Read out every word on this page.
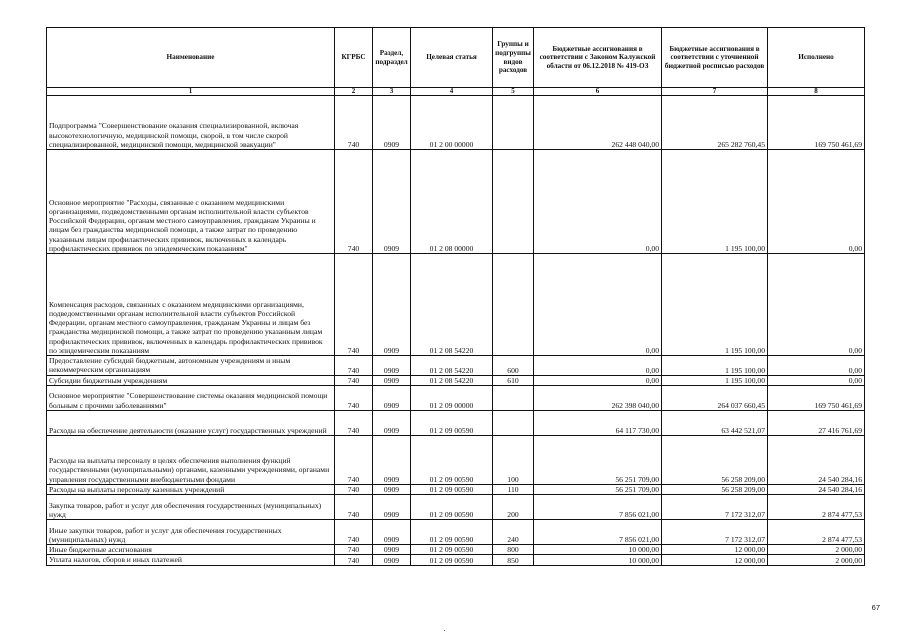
Наименование	КГРБС	Раздел, подраздел	Целевая статья	Группы и подгруппы видов расходов	Бюджетные ассигнования в соответствии с Законом Калужской области от 06.12.2018 № 419-ОЗ	Бюджетные ассигнования в соответствии с уточненной бюджетной росписью расходов	Исполнено
1	2	3	4	5	6	7	8
Подпрограмма "Совершенствование оказания специализированной, включая высокотехнологичную, медицинской помощи, скорой, в том числе скорой специализированной, медицинской помощи, медицинской эвакуации"	740	0909	01 2 00 00000		262 448 040,00	265 282 760,45	169 750 461,69
Основное мероприятие "Расходы, связанные с оказанием медицинскими организациями, подведомственными органам исполнительной власти субъектов Российской Федерации, органам местного самоуправления, гражданам Украины и лицам без гражданства медицинской помощи, а также затрат по проведению указанным лицам профилактических прививок, включенных в календарь профилактических прививок по эпидемическим показаниям"	740	0909	01 2 08 00000		0,00	1 195 100,00	0,00
Компенсация расходов, связанных с оказанием медицинскими организациями, подведомственными органам исполнительной власти субъектов Российской Федерации, органам местного самоуправления, гражданам Украины и лицам без гражданства медицинской помощи, а также затрат по проведению указанным лицам профилактических прививок, включенных в календарь профилактических прививок по эпидемическим показаниям	740	0909	01 2 08 54220		0,00	1 195 100,00	0,00
Предоставление субсидий бюджетным, автономным учреждениям и иным некоммерческим организациям	740	0909	01 2 08 54220	600	0,00	1 195 100,00	0,00
Субсидии бюджетным учреждениям	740	0909	01 2 08 54220	610	0,00	1 195 100,00	0,00
Основное мероприятие "Совершенствование системы оказания медицинской помощи больным с прочими заболеваниями"	740	0909	01 2 09 00000		262 398 040,00	264 037 660,45	169 750 461,69
Расходы на обеспечение деятельности (оказание услуг) государственных учреждений	740	0909	01 2 09 00590		64 117 730,00	63 442 521,07	27 416 761,69
Расходы на выплаты персоналу в целях обеспечения выполнения функций государственными (муниципальными) органами, казенными учреждениями, органами управления государственными внебюджетными фондами	740	0909	01 2 09 00590	100	56 251 709,00	56 258 209,00	24 540 284,16
Расходы на выплаты персоналу казенных учреждений	740	0909	01 2 09 00590	110	56 251 709,00	56 258 209,00	24 540 284,16
Закупка товаров, работ и услуг для обеспечения государственных (муниципальных) нужд	740	0909	01 2 09 00590	200	7 856 021,00	7 172 312,07	2 874 477,53
Иные закупки товаров, работ и услуг для обеспечения государственных (муниципальных) нужд	740	0909	01 2 09 00590	240	7 856 021,00	7 172 312,07	2 874 477,53
Иные бюджетные ассигнования	740	0909	01 2 09 00590	800	10 000,00	12 000,00	2 000,00
Уплата налогов, сборов и иных платежей	740	0909	01 2 09 00590	850	10 000,00	12 000,00	2 000,00
67
